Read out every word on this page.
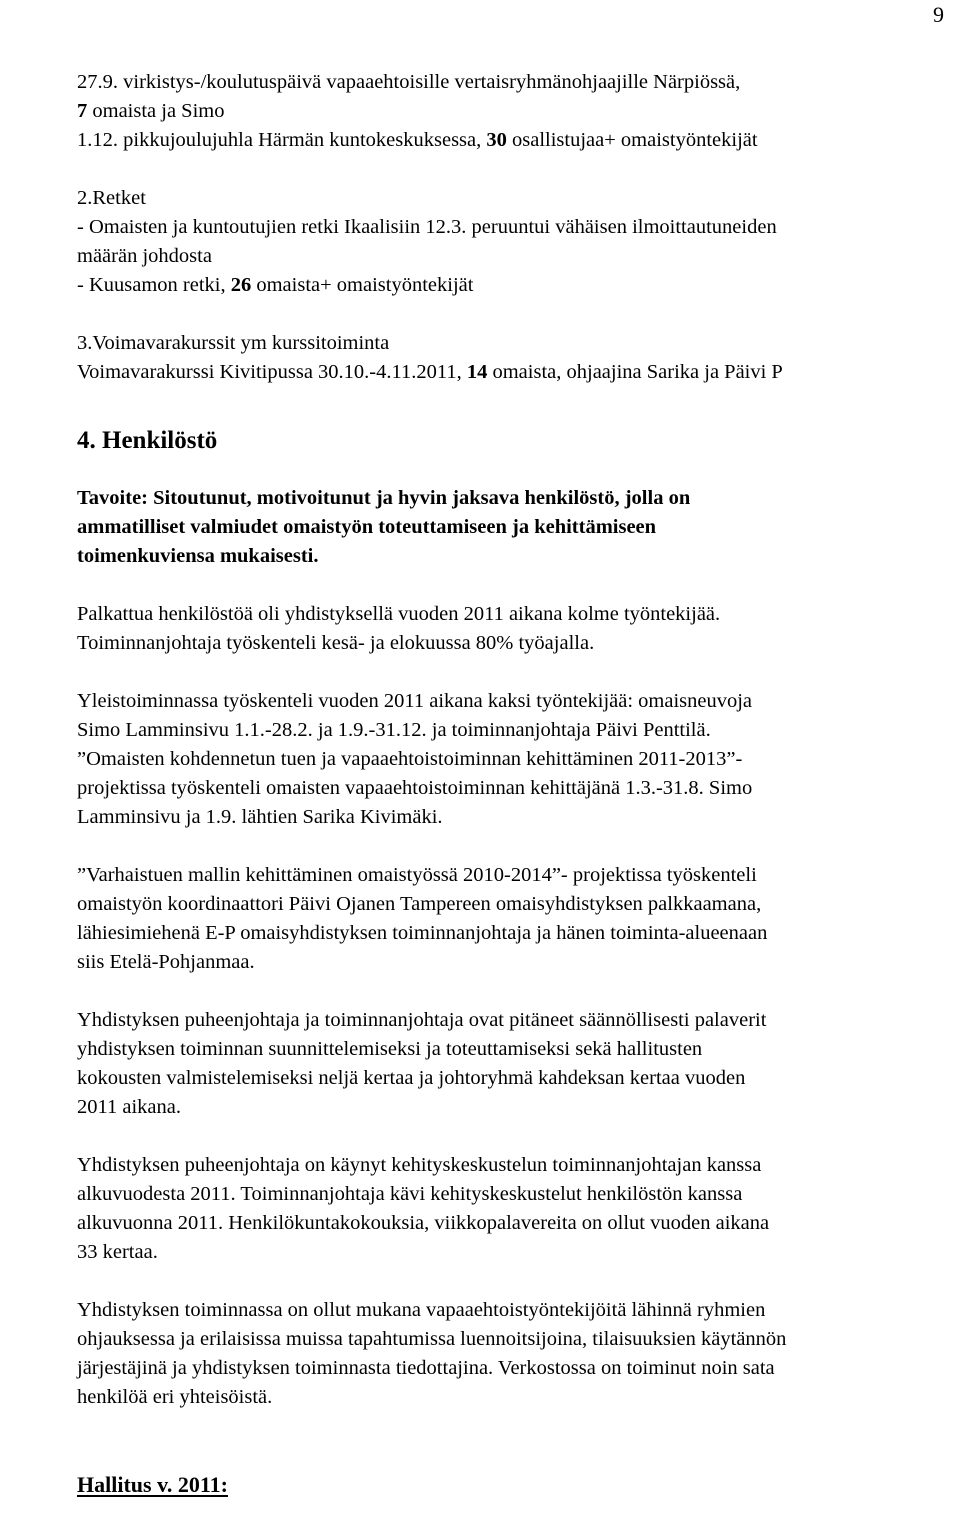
9
27.9. virkistys-/koulutuspäivä vapaaehtoisille vertaisryhmänohjaajille Närpiössä,
7 omaista ja Simo
1.12. pikkujoulujuhla Härmän kuntokeskuksessa, 30 osallistujaa+ omaistyöntekijät
2.Retket
- Omaisten ja kuntoutujien retki Ikaalisiin 12.3. peruuntui vähäisen ilmoittautuneiden
määrän johdosta
- Kuusamon retki, 26 omaista+ omaistyöntekijät
3.Voimavarakurssit ym kurssitoiminta
Voimavarakurssi Kivitipussa 30.10.-4.11.2011, 14 omaista, ohjaajina Sarika ja Päivi P
4. Henkilöstö
Tavoite: Sitoutunut, motivoitunut ja hyvin jaksava henkilöstö, jolla on
ammatilliset valmiudet omaistyön toteuttamiseen ja kehittämiseen
toimenkuviensa mukaisesti.
Palkattua henkilöstöä oli yhdistyksellä vuoden 2011 aikana kolme työntekijää.
Toiminnanjohtaja työskenteli kesä- ja elokuussa 80% työajalla.
Yleistoiminnassa työskenteli vuoden 2011 aikana kaksi työntekijää: omaisneuvoja
Simo Lamminsivu 1.1.-28.2. ja 1.9.-31.12. ja toiminnanjohtaja Päivi Penttilä.
”Omaisten kohdennetun tuen ja vapaaehtoistoiminnan kehittäminen 2011-2013”-
projektissa työskenteli omaisten vapaaehtoistoiminnan kehittäjänä 1.3.-31.8. Simo
Lamminsivu ja 1.9. lähtien Sarika Kivimäki.
”Varhaistuen mallin kehittäminen omaistyössä 2010-2014”- projektissa työskenteli
omaistyön koordinaattori Päivi Ojanen Tampereen omaisyhdistyksen palkkaamana,
lähiesimiehenä E-P omaisyhdistyksen toiminnanjohtaja ja hänen toiminta-alueenaan
siis Etelä-Pohjanmaa.
Yhdistyksen puheenjohtaja ja toiminnanjohtaja ovat pitäneet säännöllisesti palaverit
yhdistyksen toiminnan suunnittelemiseksi ja toteuttamiseksi sekä hallitusten
kokousten valmistelemiseksi neljä kertaa ja johtoryhmä kahdeksan kertaa vuoden
2011 aikana.
Yhdistyksen puheenjohtaja on käynyt kehityskeskustelun toiminnanjohtajan kanssa
alkuvuodesta 2011. Toiminnanjohtaja kävi kehityskeskustelut henkilöstön kanssa
alkuvuonna 2011. Henkilökuntakokouksia, viikkopalavereita on ollut vuoden aikana
33 kertaa.
Yhdistyksen toiminnassa on ollut mukana vapaaehtoistyöntekijöitä lähinnä ryhmien
ohjauksessa ja erilaisissa muissa tapahtumissa luennoitsijoina, tilaisuuksien käytännön
järjestäjinä ja yhdistyksen toiminnasta tiedottajina. Verkostossa on toiminut noin sata
henkilöä eri yhteisöistä.
Hallitus v. 2011:
